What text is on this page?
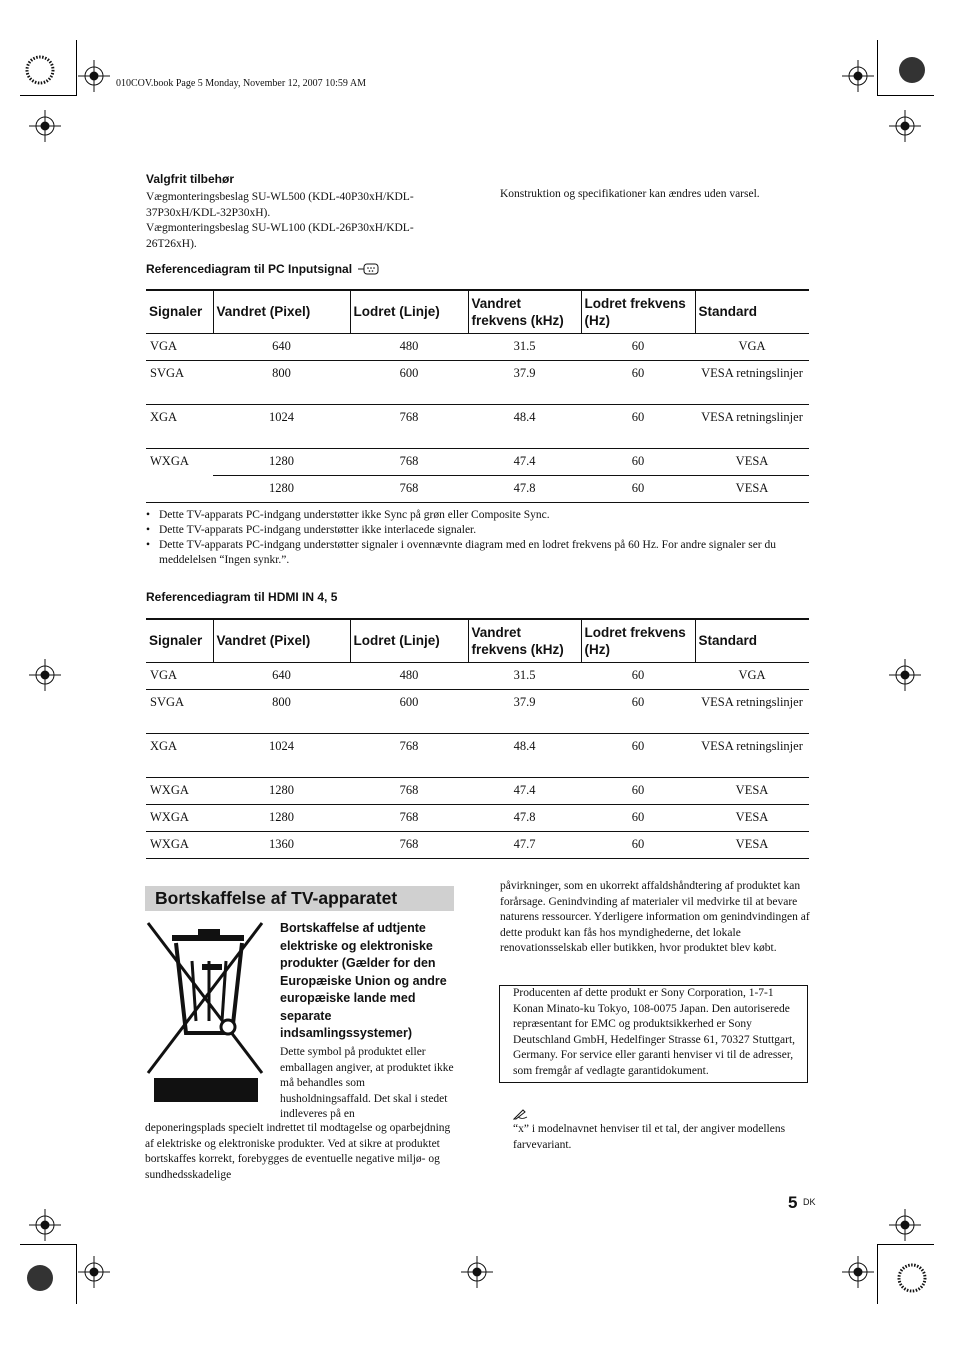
010COV.book Page 5 Monday, November 12, 2007 10:59 AM
Valgfrit tilbehør
Vægmonteringsbeslag SU-WL500 (KDL-40P30xH/KDL-
37P30xH/KDL-32P30xH).
Vægmonteringsbeslag SU-WL100 (KDL-26P30xH/KDL-
26T26xH).
Konstruktion og specifikationer kan ændres uden varsel.
Referencediagram til PC Inputsignal
Signaler	Vandret (Pixel)	Lodret (Linje)	Vandret frekvens (kHz)	Lodret frekvens (Hz)	Standard
VGA	640	480	31.5	60	VGA
SVGA	800	600	37.9	60	VESA retningslinjer
XGA	1024	768	48.4	60	VESA retningslinjer
WXGA	1280	768	47.4	60	VESA
	1280	768	47.8	60	VESA
• Dette TV-apparats PC-indgang understøtter ikke Sync på grøn eller Composite Sync.
• Dette TV-apparats PC-indgang understøtter ikke interlacede signaler.
• Dette TV-apparats PC-indgang understøtter signaler i ovennævnte diagram med en lodret frekvens på 60 Hz. For andre signaler ser du meddelelsen “Ingen synkr.”.
Referencediagram til HDMI IN 4, 5
Signaler	Vandret (Pixel)	Lodret (Linje)	Vandret frekvens (kHz)	Lodret frekvens (Hz)	Standard
VGA	640	480	31.5	60	VGA
SVGA	800	600	37.9	60	VESA retningslinjer
XGA	1024	768	48.4	60	VESA retningslinjer
WXGA	1280	768	47.4	60	VESA
WXGA	1280	768	47.8	60	VESA
WXGA	1360	768	47.7	60	VESA
Bortskaffelse af TV-apparatet
Bortskaffelse af udtjente elektriske og elektroniske produkter (Gælder for den Europæiske Union og andre europæiske lande med separate indsamlingssystemer)
Dette symbol på produktet eller emballagen angiver, at produktet ikke må behandles som husholdningsaffald. Det skal i stedet indleveres på en
deponeringsplads specielt indrettet til modtagelse og oparbejdning af elektriske og elektroniske produkter. Ved at sikre at produktet bortskaffes korrekt, forebygges de eventuelle negative miljø- og sundhedsskadelige
påvirkninger, som en ukorrekt affaldshåndtering af produktet kan forårsage. Genindvinding af materialer vil medvirke til at bevare naturens ressourcer. Yderligere information om genindvindingen af dette produkt kan fås hos myndighederne, det lokale renovationsselskab eller butikken, hvor produktet blev købt.
Producenten af dette produkt er Sony Corporation, 1-7-1 Konan Minato-ku Tokyo, 108-0075 Japan. Den autoriserede repræsentant for EMC og produktsikkerhed er Sony Deutschland GmbH, Hedelfinger Strasse 61, 70327 Stuttgart, Germany. For service eller garanti henviser vi til de adresser, som fremgår af vedlagte garantidokument.
“x” i modelnavnet henviser til et tal, der angiver modellens farvevariant.
5 DK
